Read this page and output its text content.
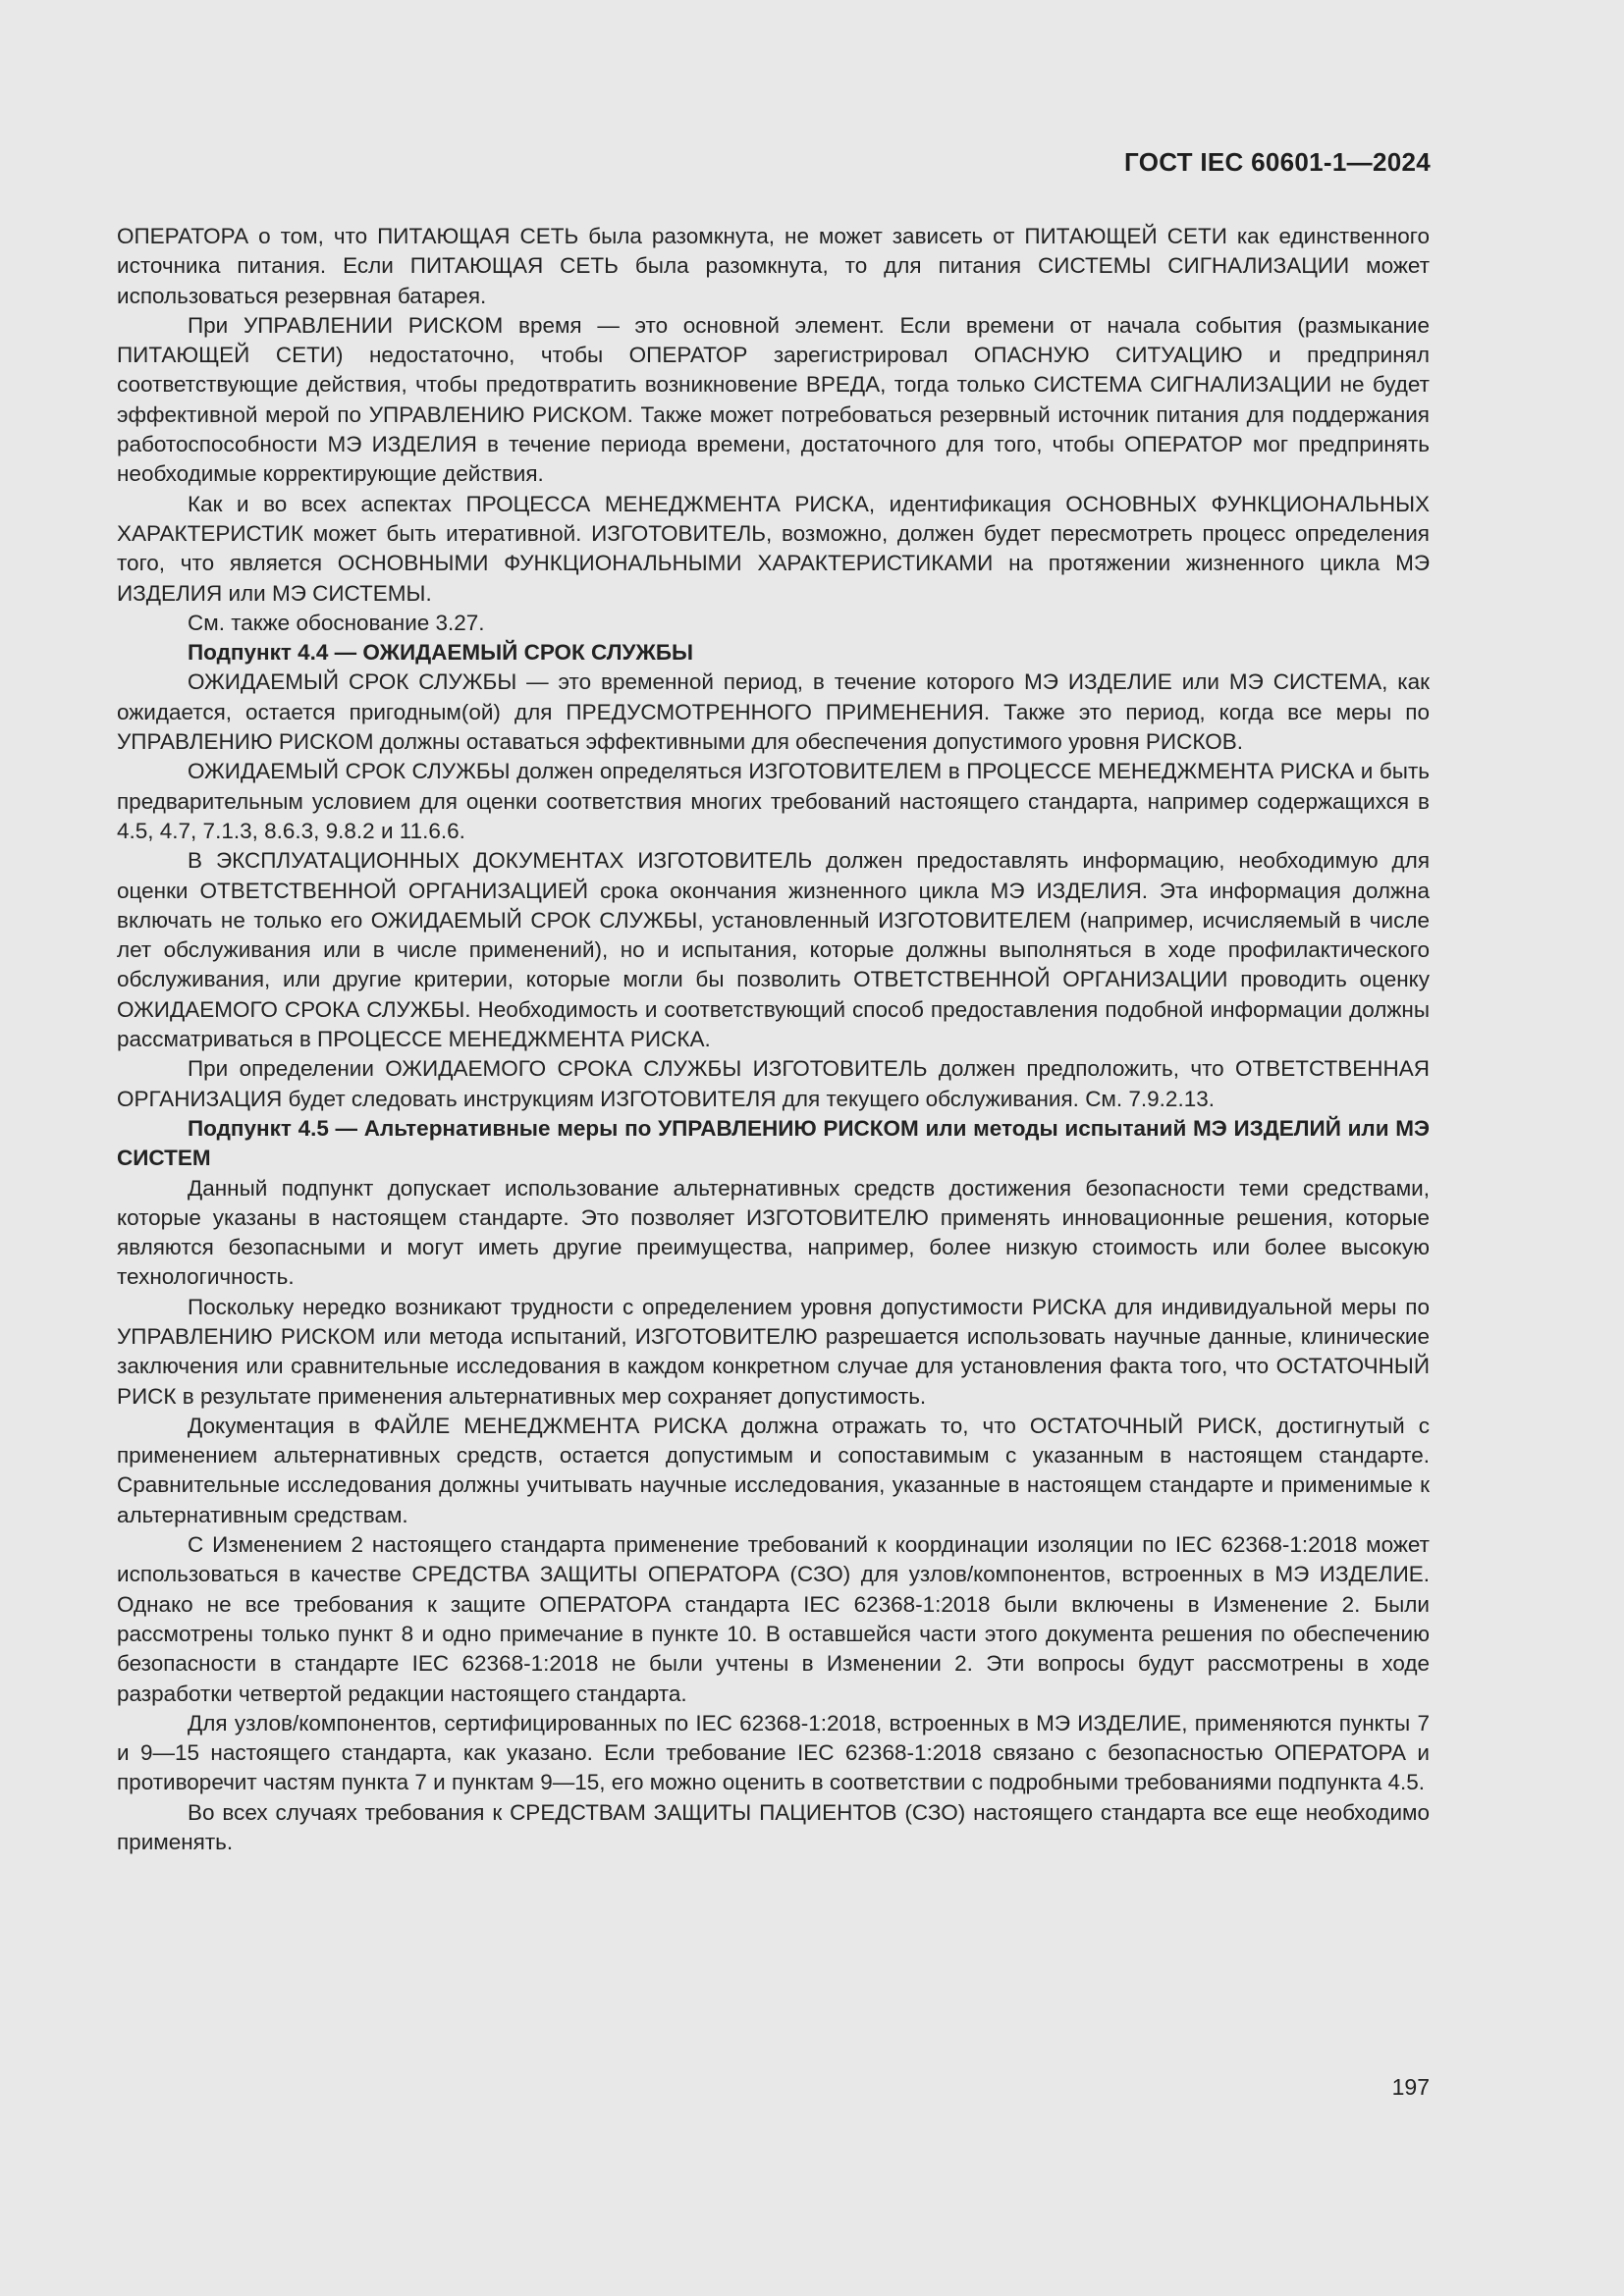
ГОСТ IEC 60601-1—2024

ОПЕРАТОРА о том, что ПИТАЮЩАЯ СЕТЬ была разомкнута, не может зависеть от ПИТАЮЩЕЙ СЕТИ как единственного источника питания. Если ПИТАЮЩАЯ СЕТЬ была разомкнута, то для питания СИСТЕМЫ СИГНАЛИЗАЦИИ может использоваться резервная батарея.

При УПРАВЛЕНИИ РИСКОМ время — это основной элемент. Если времени от начала события (размыкание ПИТАЮЩЕЙ СЕТИ) недостаточно, чтобы ОПЕРАТОР зарегистрировал ОПАСНУЮ СИТУАЦИЮ и предпринял соответствующие действия, чтобы предотвратить возникновение ВРЕДА, тогда только СИСТЕМА СИГНАЛИЗАЦИИ не будет эффективной мерой по УПРАВЛЕНИЮ РИСКОМ. Также может потребоваться резервный источник питания для поддержания работоспособности МЭ ИЗДЕЛИЯ в течение периода времени, достаточного для того, чтобы ОПЕРАТОР мог предпринять необходимые корректирующие действия.

Как и во всех аспектах ПРОЦЕССА МЕНЕДЖМЕНТА РИСКА, идентификация ОСНОВНЫХ ФУНКЦИОНАЛЬНЫХ ХАРАКТЕРИСТИК может быть итеративной. ИЗГОТОВИТЕЛЬ, возможно, должен будет пересмотреть процесс определения того, что является ОСНОВНЫМИ ФУНКЦИОНАЛЬНЫМИ ХАРАКТЕРИСТИКАМИ на протяжении жизненного цикла МЭ ИЗДЕЛИЯ или МЭ СИСТЕМЫ.

См. также обоснование 3.27.

Подпункт 4.4 — ОЖИДАЕМЫЙ СРОК СЛУЖБЫ

ОЖИДАЕМЫЙ СРОК СЛУЖБЫ — это временной период, в течение которого МЭ ИЗДЕЛИЕ или МЭ СИСТЕМА, как ожидается, остается пригодным(ой) для ПРЕДУСМОТРЕННОГО ПРИМЕНЕНИЯ. Также это период, когда все меры по УПРАВЛЕНИЮ РИСКОМ должны оставаться эффективными для обеспечения допустимого уровня РИСКОВ.

ОЖИДАЕМЫЙ СРОК СЛУЖБЫ должен определяться ИЗГОТОВИТЕЛЕМ в ПРОЦЕССЕ МЕНЕДЖМЕНТА РИСКА и быть предварительным условием для оценки соответствия многих требований настоящего стандарта, например содержащихся в 4.5, 4.7, 7.1.3, 8.6.3, 9.8.2 и 11.6.6.

В ЭКСПЛУАТАЦИОННЫХ ДОКУМЕНТАХ ИЗГОТОВИТЕЛЬ должен предоставлять информацию, необходимую для оценки ОТВЕТСТВЕННОЙ ОРГАНИЗАЦИЕЙ срока окончания жизненного цикла МЭ ИЗДЕЛИЯ. Эта информация должна включать не только его ОЖИДАЕМЫЙ СРОК СЛУЖБЫ, установленный ИЗГОТОВИТЕЛЕМ (например, исчисляемый в числе лет обслуживания или в числе применений), но и испытания, которые должны выполняться в ходе профилактического обслуживания, или другие критерии, которые могли бы позволить ОТВЕТСТВЕННОЙ ОРГАНИЗАЦИИ проводить оценку ОЖИДАЕМОГО СРОКА СЛУЖБЫ. Необходимость и соответствующий способ предоставления подобной информации должны рассматриваться в ПРОЦЕССЕ МЕНЕДЖМЕНТА РИСКА.

При определении ОЖИДАЕМОГО СРОКА СЛУЖБЫ ИЗГОТОВИТЕЛЬ должен предположить, что ОТВЕТСТВЕННАЯ ОРГАНИЗАЦИЯ будет следовать инструкциям ИЗГОТОВИТЕЛЯ для текущего обслуживания. См. 7.9.2.13.

Подпункт 4.5 — Альтернативные меры по УПРАВЛЕНИЮ РИСКОМ или методы испытаний МЭ ИЗДЕЛИЙ или МЭ СИСТЕМ

Данный подпункт допускает использование альтернативных средств достижения безопасности теми средствами, которые указаны в настоящем стандарте. Это позволяет ИЗГОТОВИТЕЛЮ применять инновационные решения, которые являются безопасными и могут иметь другие преимущества, например, более низкую стоимость или более высокую технологичность.

Поскольку нередко возникают трудности с определением уровня допустимости РИСКА для индивидуальной меры по УПРАВЛЕНИЮ РИСКОМ или метода испытаний, ИЗГОТОВИТЕЛЮ разрешается использовать научные данные, клинические заключения или сравнительные исследования в каждом конкретном случае для установления факта того, что ОСТАТОЧНЫЙ РИСК в результате применения альтернативных мер сохраняет допустимость.

Документация в ФАЙЛЕ МЕНЕДЖМЕНТА РИСКА должна отражать то, что ОСТАТОЧНЫЙ РИСК, достигнутый с применением альтернативных средств, остается допустимым и сопоставимым с указанным в настоящем стандарте. Сравнительные исследования должны учитывать научные исследования, указанные в настоящем стандарте и применимые к альтернативным средствам.

С Изменением 2 настоящего стандарта применение требований к координации изоляции по IEC 62368-1:2018 может использоваться в качестве СРЕДСТВА ЗАЩИТЫ ОПЕРАТОРА (СЗО) для узлов/компонентов, встроенных в МЭ ИЗДЕЛИЕ. Однако не все требования к защите ОПЕРАТОРА стандарта IEC 62368-1:2018 были включены в Изменение 2. Были рассмотрены только пункт 8 и одно примечание в пункте 10. В оставшейся части этого документа решения по обеспечению безопасности в стандарте IEC 62368-1:2018 не были учтены в Изменении 2. Эти вопросы будут рассмотрены в ходе разработки четвертой редакции настоящего стандарта.

Для узлов/компонентов, сертифицированных по IEC 62368-1:2018, встроенных в МЭ ИЗДЕЛИЕ, применяются пункты 7 и 9—15 настоящего стандарта, как указано. Если требование IEC 62368-1:2018 связано с безопасностью ОПЕРАТОРА и противоречит частям пункта 7 и пунктам 9—15, его можно оценить в соответствии с подробными требованиями подпункта 4.5.

Во всех случаях требования к СРЕДСТВАМ ЗАЩИТЫ ПАЦИЕНТОВ (СЗО) настоящего стандарта все еще необходимо применять.

197
